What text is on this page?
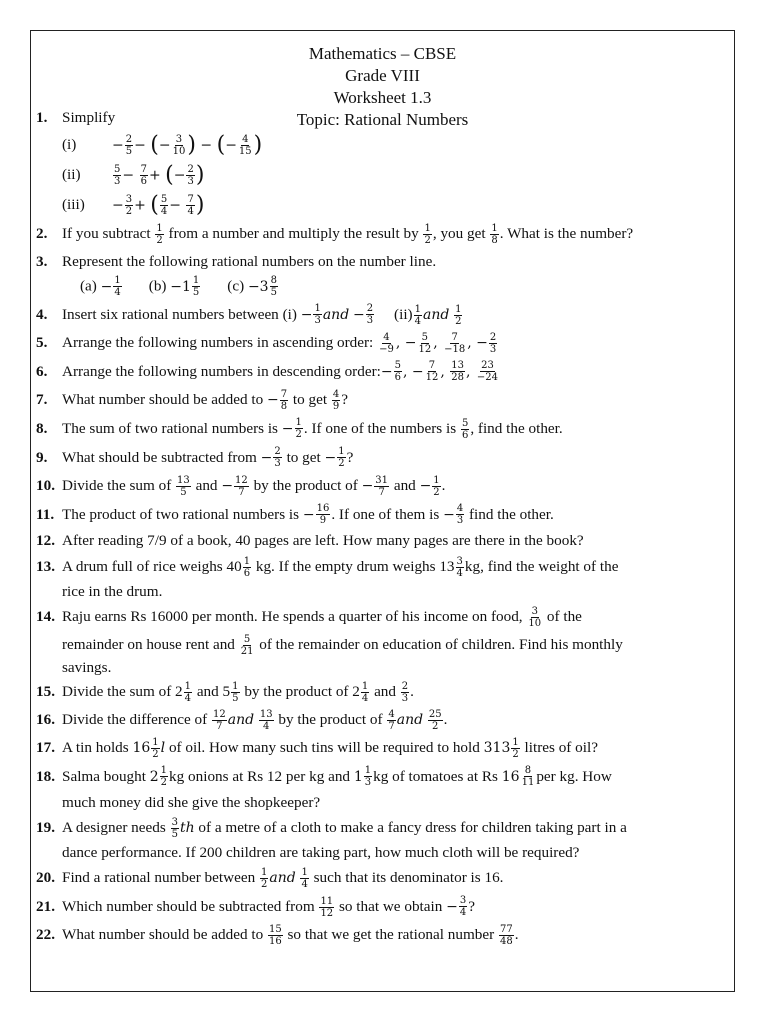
Mathematics – CBSE
Grade VIII
Worksheet 1.3
Topic: Rational Numbers
1. Simplify
(i)	− $\frac{2}{5}$ − (− $\frac{3}{10}$ ) − (− $\frac{4}{15}$ )
(ii)	$\frac{5}{3} - \frac{7}{6}$ + (− $\frac{2}{3}$ )
(iii)	− $\frac{3}{2}$ + ( $\frac{5}{4} - \frac{7}{4}$ )
2. If you subtract $\frac{1}{2}$ from a number and multiply the result by $\frac{1}{2}$ , you get $\frac{1}{8}$ . What is the number?
3. Represent the following rational numbers on the number line.
$(a) - \frac{1}{4} (b) -1 \frac{1}{5} (c) -3 \frac{8}{5}$
4. Insert six rational numbers between $(i) - \frac{1}{3}$ and − $\frac{2}{3} (ii) \frac{1}{4}$ and $\frac{1}{2}$
5. Arrange the following numbers in ascending order: $\frac{4}{-9}$ , − $\frac{5}{12}$ , $\frac{7}{-18}$ , − $\frac{2}{3}$
6. Arrange the following numbers in descending order:− $\frac{5}{6}$ , − $\frac{7}{12}$ , $\frac{13}{28}$ , $\frac{23}{-24}$
7. What number should be added to − $\frac{7}{8}$ to get $\frac{4}{9}$ ?
8. The sum of two rational numbers is − $\frac{1}{2}$ . If one of the numbers is $\frac{5}{6}$ , find the other.
9. What should be subtracted from − $\frac{2}{3}$ to get − $\frac{1}{2}$ ?
10. Divide the sum of $\frac{13}{5}$ and − $\frac{12}{7}$ by the product of − $\frac{31}{7}$ and − $\frac{1}{2}$ .
11. The product of two rational numbers is − $\frac{16}{9}$ . If one of them is − $\frac{4}{3}$ find the other.
12. After reading 7/9 of a book, 40 pages are left. How many pages are there in the book?
13. A drum full of rice weighs $40 \frac{1}{6}$ kg. If the empty drum weighs $13 \frac{3}{4}$ kg, find the weight of the
rice in the drum.
14. Raju earns Rs 16000 per month. He spends a quarter of his income on food, $\frac{3}{10}$ of the
remainder on house rent and $\frac{5}{21}$ of the remainder on education of children. Find his monthly
savings.
15. Divide the sum of $2 \frac{1}{4}$ and $5 \frac{1}{5}$ by the product of $2 \frac{1}{4}$ and $\frac{2}{3}$ .
16. Divide the difference of $\frac{12}{7}$ and $\frac{13}{4}$ by the product of $\frac{4}{7}$ and $\frac{25}{2}$ .
17. A tin holds $16 \frac{1}{2}$ l of oil. How many such tins will be required to hold $313 \frac{1}{2}$ litres of oil?
18. Salma bought $2 \frac{1}{2}$ kg onions at Rs 12 per kg and $1 \frac{1}{3}$ kg of tomatoes at Rs $16 \frac{8}{11}$ per kg. How
much money did she give the shopkeeper?
19. A designer needs $\frac{3}{5}$ th of a metre of a cloth to make a fancy dress for children taking part in a
dance performance. If 200 children are taking part, how much cloth will be required?
20. Find a rational number between $\frac{1}{2}$ and $\frac{1}{4}$ such that its denominator is 16.
21. Which number should be subtracted from $\frac{11}{12}$ so that we obtain − $\frac{3}{4}$ ?
22. What number should be added to $\frac{15}{16}$ so that we get the rational number $\frac{77}{48}$ .
